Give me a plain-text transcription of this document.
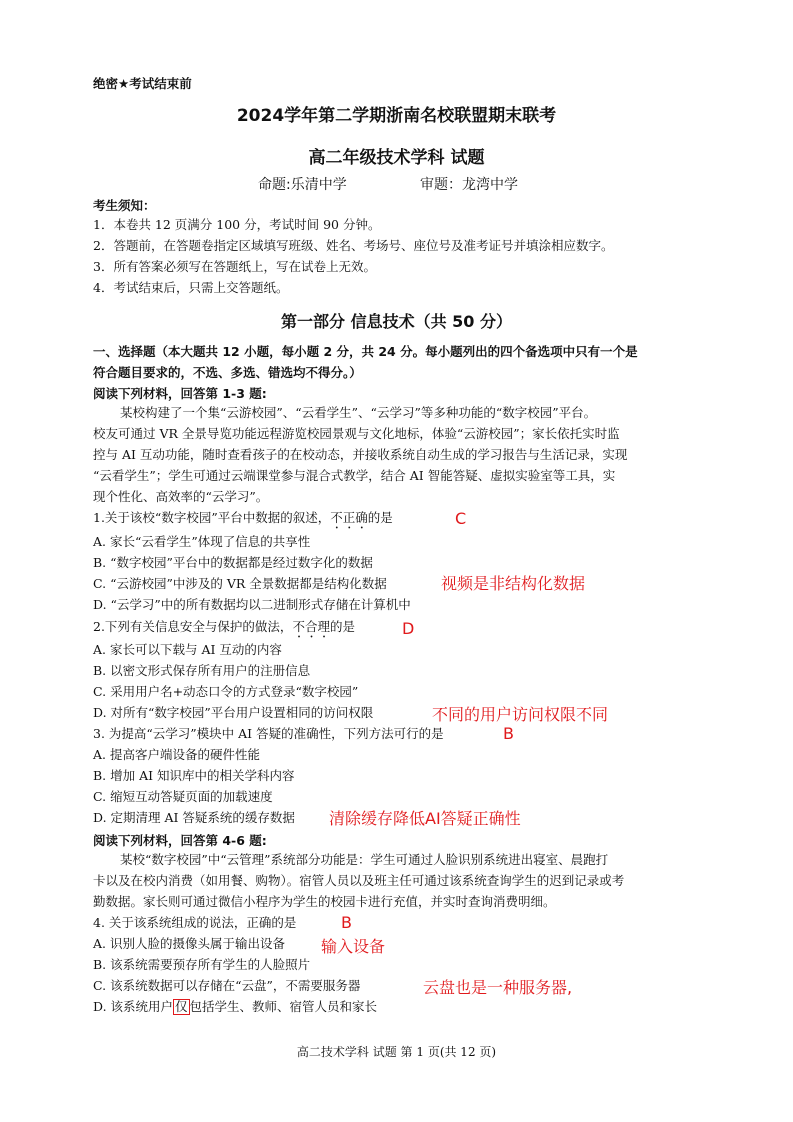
绝密★考试结束前
2024学年第二学期浙南名校联盟期末联考
高二年级技术学科 试题
命题:乐清中学	审题：龙湾中学
考生须知：
1．本卷共 12 页满分 100 分，考试时间 90 分钟。
2．答题前，在答题卷指定区域填写班级、姓名、考场号、座位号及准考证号并填涂相应数字。
3．所有答案必须写在答题纸上，写在试卷上无效。
4．考试结束后，只需上交答题纸。
第一部分 信息技术（共 50 分）
一、选择题（本大题共 12 小题，每小题 2 分，共 24 分。每小题列出的四个备选项中只有一个是
符合题目要求的，不选、多选、错选均不得分。）
阅读下列材料，回答第 1-3 题:
某校构建了一个集“云游校园”、“云看学生”、“云学习”等多种功能的“数字校园”平台。
校友可通过 VR 全景导览功能远程游览校园景观与文化地标，体验“云游校园”；家长依托实时监
控与 AI 互动功能，随时查看孩子的在校动态，并接收系统自动生成的学习报告与生活记录，实现
“云看学生”；学生可通过云端课堂参与混合式教学，结合 AI 智能答疑、虚拟实验室等工具，实
现个性化、高效率的“云学习”。
1.关于该校“数字校园”平台中数据的叙述，不正确的是	C
A. 家长“云看学生”体现了信息的共享性
B. “数字校园”平台中的数据都是经过数字化的数据
C. “云游校园”中涉及的 VR 全景数据都是结构化数据	视频是非结构化数据
D. “云学习”中的所有数据均以二进制形式存储在计算机中
2.下列有关信息安全与保护的做法，不合理的是	D
A. 家长可以下载与 AI 互动的内容
B. 以密文形式保存所有用户的注册信息
C. 采用用户名+动态口令的方式登录“数字校园”
D. 对所有“数字校园”平台用户设置相同的访问权限	不同的用户访问权限不同
3. 为提高“云学习”模块中 AI 答疑的准确性，下列方法可行的是	B
A. 提高客户端设备的硬件性能
B. 增加 AI 知识库中的相关学科内容
C. 缩短互动答疑页面的加载速度
D. 定期清理 AI 答疑系统的缓存数据 清除缓存降低AI答疑正确性
阅读下列材料，回答第 4-6 题:
某校“数字校园”中“云管理”系统部分功能是：学生可通过人脸识别系统进出寝室、晨跑打
卡以及在校内消费（如用餐、购物）。宿管人员以及班主任可通过该系统查询学生的迟到记录或考
勤数据。家长则可通过微信小程序为学生的校园卡进行充值，并实时查询消费明细。
4. 关于该系统组成的说法，正确的是	B
A. 识别人脸的摄像头属于输出设备 输入设备
B. 该系统需要预存所有学生的人脸照片
C. 该系统数据可以存储在“云盘”，不需要服务器	云盘也是一种服务器,
D. 该系统用户 仅 包括学生、教师、宿管人员和家长
高二技术学科 试题 第 1 页(共 12 页)
